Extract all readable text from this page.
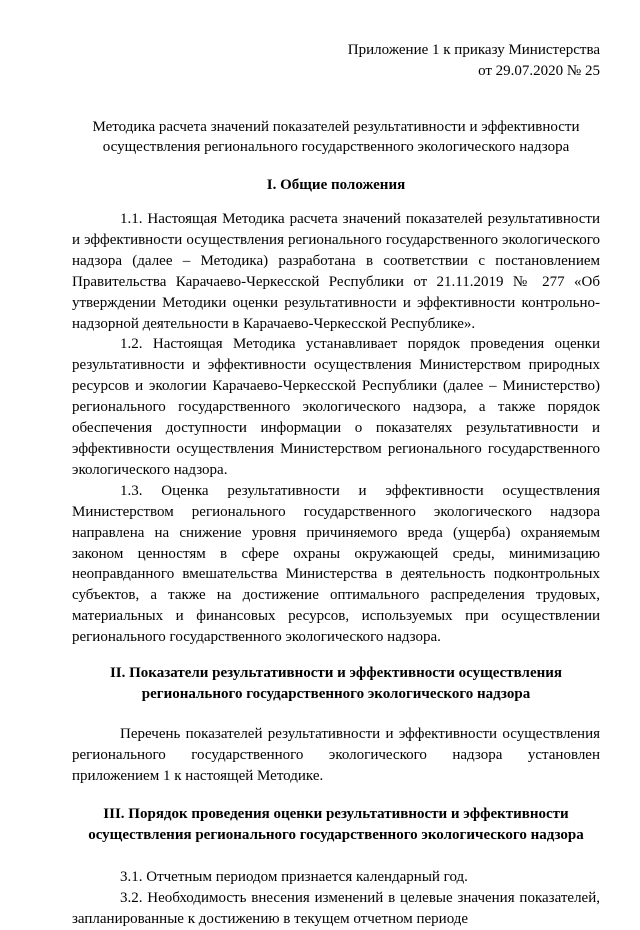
Приложение 1 к приказу Министерства
от 29.07.2020 № 25
Методика расчета значений показателей результативности и эффективности
осуществления регионального государственного экологического надзора
I. Общие положения

1.1. Настоящая Методика расчета значений показателей результативности и эффективности осуществления регионального государственного экологического надзора (далее – Методика) разработана в соответствии с постановлением Правительства Карачаево-Черкесской Республики от 21.11.2019 № 277 «Об утверждении Методики оценки результативности и эффективности контрольно-надзорной деятельности в Карачаево-Черкесской Республике».

1.2. Настоящая Методика устанавливает порядок проведения оценки результативности и эффективности осуществления Министерством природных ресурсов и экологии Карачаево-Черкесской Республики (далее – Министерство) регионального государственного экологического надзора, а также порядок обеспечения доступности информации о показателях результативности и эффективности осуществления Министерством регионального государственного экологического надзора.

1.3. Оценка результативности и эффективности осуществления Министерством регионального государственного экологического надзора направлена на снижение уровня причиняемого вреда (ущерба) охраняемым законом ценностям в сфере охраны окружающей среды, минимизацию неоправданного вмешательства Министерства в деятельность подконтрольных субъектов, а также на достижение оптимального распределения трудовых, материальных и финансовых ресурсов, используемых при осуществлении регионального государственного экологического надзора.

II. Показатели результативности и эффективности осуществления
регионального государственного экологического надзора

Перечень показателей результативности и эффективности осуществления регионального государственного экологического надзора установлен приложением 1 к настоящей Методике.

III. Порядок проведения оценки результативности и эффективности
осуществления регионального государственного экологического надзора

3.1. Отчетным периодом признается календарный год.

3.2. Необходимость внесения изменений в целевые значения показателей, запланированные к достижению в текущем отчетном периоде
